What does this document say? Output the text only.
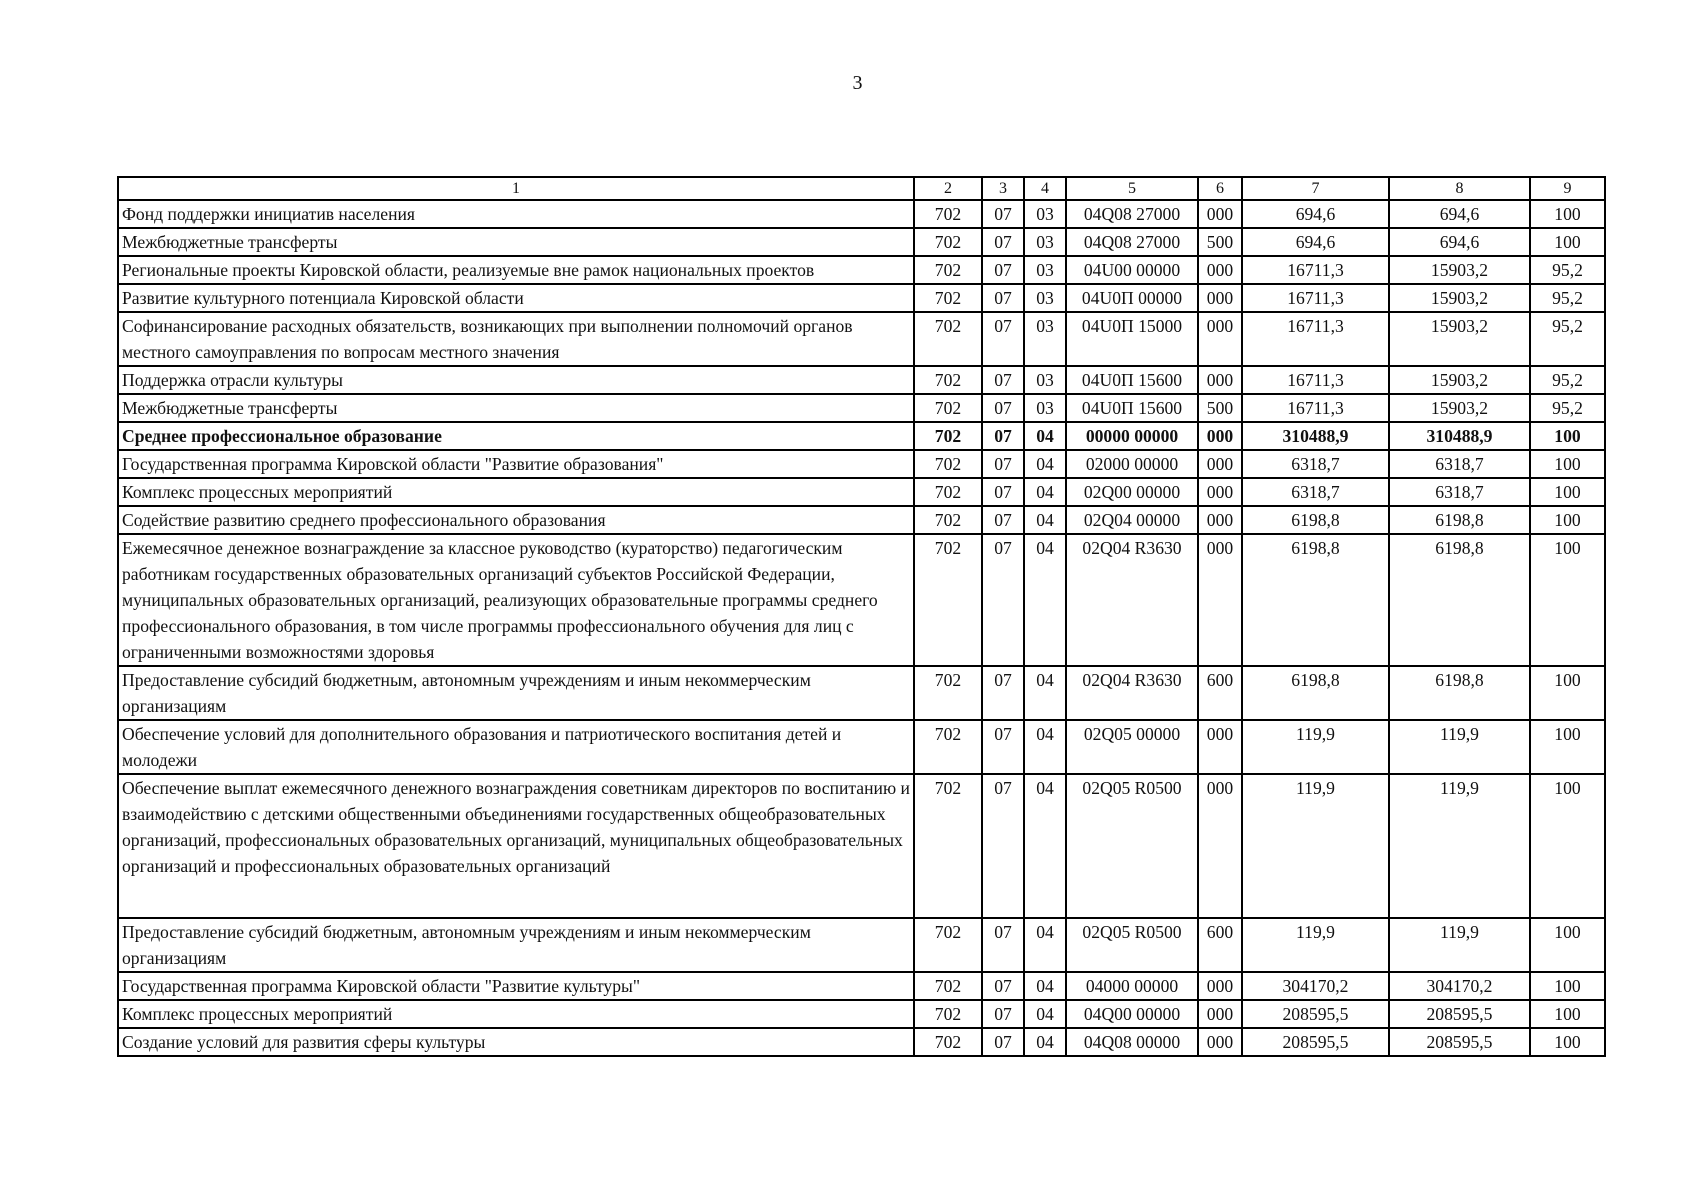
3
1	2	3	4	5	6	7	8	9
Фонд поддержки инициатив населения	702	07	03	04Q08 27000	000	694,6	694,6	100
Межбюджетные трансферты	702	07	03	04Q08 27000	500	694,6	694,6	100
Региональные проекты Кировской области, реализуемые вне рамок национальных проектов	702	07	03	04U00 00000	000	16711,3	15903,2	95,2
Развитие культурного потенциала Кировской области	702	07	03	04U0П 00000	000	16711,3	15903,2	95,2
Софинансирование расходных обязательств, возникающих при выполнении полномочий органов местного самоуправления по вопросам местного значения	702	07	03	04U0П 15000	000	16711,3	15903,2	95,2
Поддержка отрасли культуры	702	07	03	04U0П 15600	000	16711,3	15903,2	95,2
Межбюджетные трансферты	702	07	03	04U0П 15600	500	16711,3	15903,2	95,2
Среднее профессиональное образование	702	07	04	00000 00000	000	310488,9	310488,9	100
Государственная программа Кировской области "Развитие образования"	702	07	04	02000 00000	000	6318,7	6318,7	100
Комплекс процессных мероприятий	702	07	04	02Q00 00000	000	6318,7	6318,7	100
Содействие развитию среднего профессионального образования	702	07	04	02Q04 00000	000	6198,8	6198,8	100
Ежемесячное денежное вознаграждение за классное руководство (кураторство) педагогическим работникам государственных образовательных организаций субъектов Российской Федерации, муниципальных образовательных организаций, реализующих образовательные программы среднего профессионального образования, в том числе программы профессионального обучения для лиц с ограниченными возможностями здоровья	702	07	04	02Q04 R3630	000	6198,8	6198,8	100
Предоставление субсидий бюджетным, автономным учреждениям и иным некоммерческим организациям	702	07	04	02Q04 R3630	600	6198,8	6198,8	100
Обеспечение условий для дополнительного образования и патриотического воспитания детей и молодежи	702	07	04	02Q05 00000	000	119,9	119,9	100
Обеспечение выплат ежемесячного денежного вознаграждения советникам директоров по воспитанию и взаимодействию с детскими общественными объединениями государственных общеобразовательных организаций, профессиональных образовательных организаций, муниципальных общеобразовательных организаций и профессиональных образовательных организаций	702	07	04	02Q05 R0500	000	119,9	119,9	100
Предоставление субсидий бюджетным, автономным учреждениям и иным некоммерческим организациям	702	07	04	02Q05 R0500	600	119,9	119,9	100
Государственная программа Кировской области "Развитие культуры"	702	07	04	04000 00000	000	304170,2	304170,2	100
Комплекс процессных мероприятий	702	07	04	04Q00 00000	000	208595,5	208595,5	100
Создание условий для развития сферы культуры	702	07	04	04Q08 00000	000	208595,5	208595,5	100
